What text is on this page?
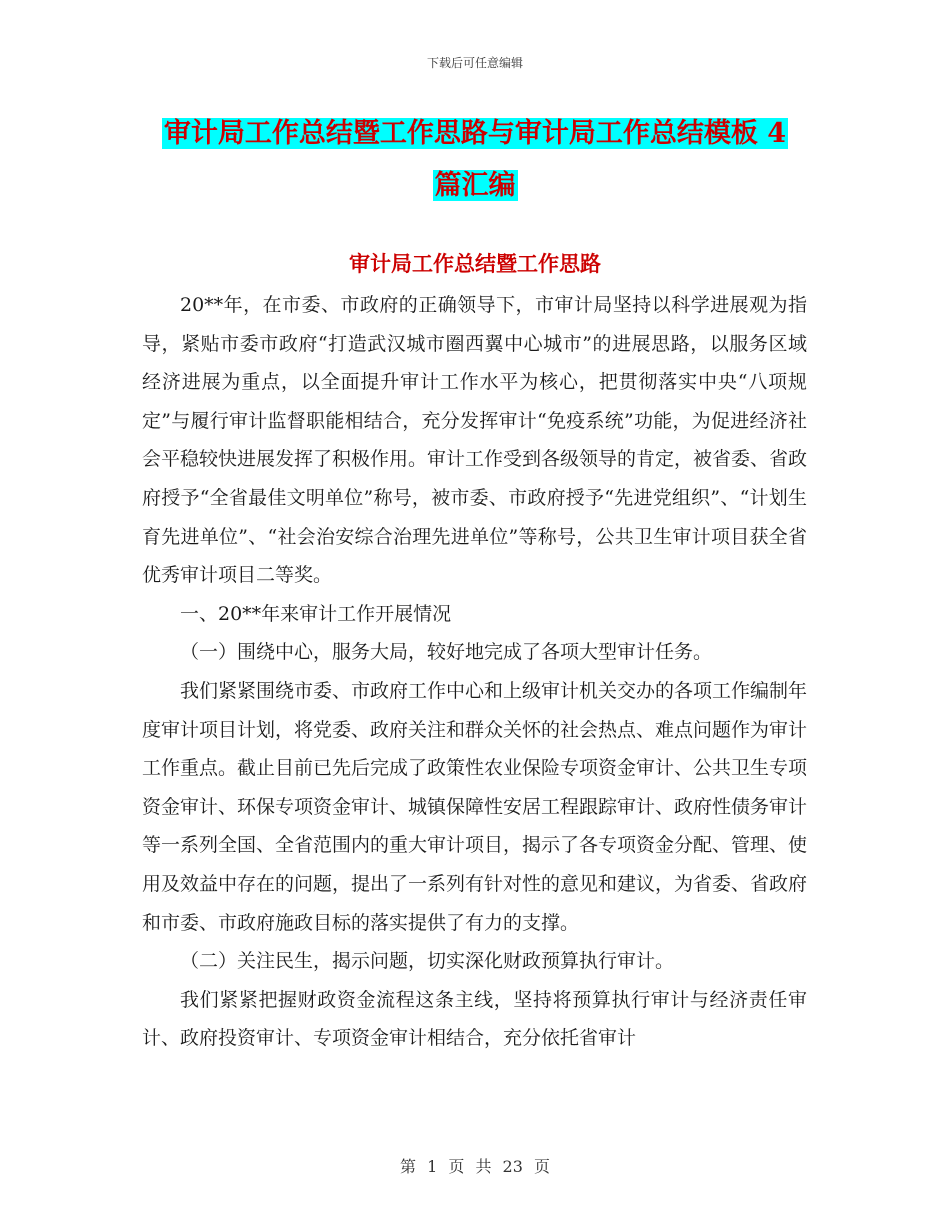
下载后可任意编辑
审计局工作总结暨工作思路与审计局工作总结模板 4
篇汇编
审计局工作总结暨工作思路

20**年，在市委、市政府的正确领导下，市审计局坚持以科学进展观为指导，紧贴市委市政府“打造武汉城市圈西翼中心城市”的进展思路，以服务区域经济进展为重点，以全面提升审计工作水平为核心，把贯彻落实中央“八项规定”与履行审计监督职能相结合，充分发挥审计“免疫系统”功能，为促进经济社会平稳较快进展发挥了积极作用。审计工作受到各级领导的肯定，被省委、省政府授予“全省最佳文明单位”称号，被市委、市政府授予“先进党组织”、“计划生育先进单位”、“社会治安综合治理先进单位”等称号，公共卫生审计项目获全省优秀审计项目二等奖。

一、20**年来审计工作开展情况

（一）围绕中心，服务大局，较好地完成了各项大型审计任务。

我们紧紧围绕市委、市政府工作中心和上级审计机关交办的各项工作编制年度审计项目计划，将党委、政府关注和群众关怀的社会热点、难点问题作为审计工作重点。截止目前已先后完成了政策性农业保险专项资金审计、公共卫生专项资金审计、环保专项资金审计、城镇保障性安居工程跟踪审计、政府性债务审计等一系列全国、全省范围内的重大审计项目，揭示了各专项资金分配、管理、使用及效益中存在的问题，提出了一系列有针对性的意见和建议，为省委、省政府和市委、市政府施政目标的落实提供了有力的支撑。

（二）关注民生，揭示问题，切实深化财政预算执行审计。

我们紧紧把握财政资金流程这条主线，坚持将预算执行审计与经济责任审计、政府投资审计、专项资金审计相结合，充分依托省审计

第 1 页 共 23 页
